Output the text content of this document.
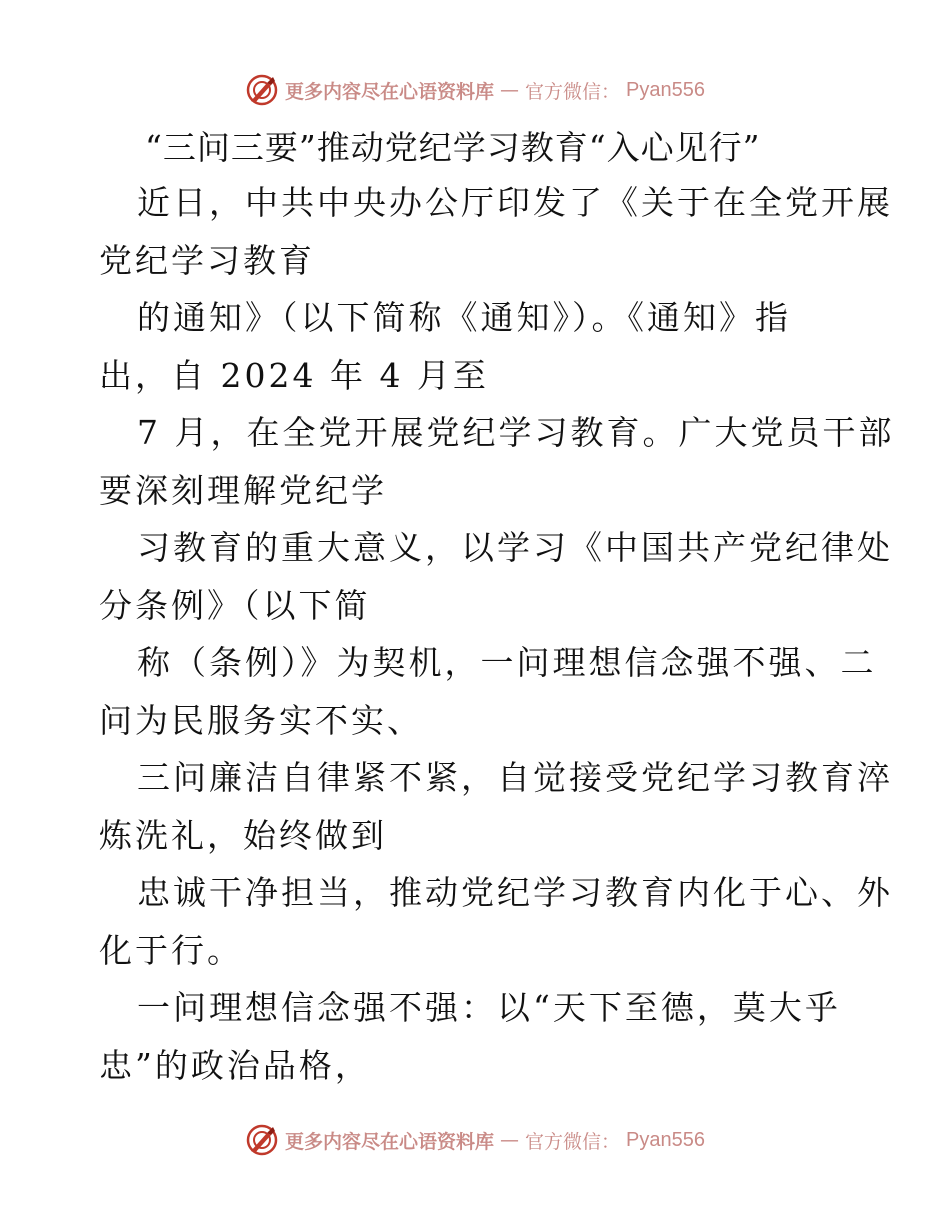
更多内容尽在心语资料库 — 官方微信： Pyan556
“三问三要”推动党纪学习教育“入心见行”
近日，中共中央办公厅印发了《关于在全党开展
党纪学习教育
的通知》（以下简称《通知》）。《通知》指
出，自 2024 年 4 月至
7 月，在全党开展党纪学习教育。广大党员干部
要深刻理解党纪学
习教育的重大意义，以学习《中国共产党纪律处
分条例》（以下简
称（条例）》为契机，一问理想信念强不强、二
问为民服务实不实、
三问廉洁自律紧不紧，自觉接受党纪学习教育淬
炼洗礼，始终做到
忠诚干净担当，推动党纪学习教育内化于心、外
化于行。
一问理想信念强不强：以“天下至德，莫大乎
忠”的政治品格，
更多内容尽在心语资料库 — 官方微信： Pyan556
